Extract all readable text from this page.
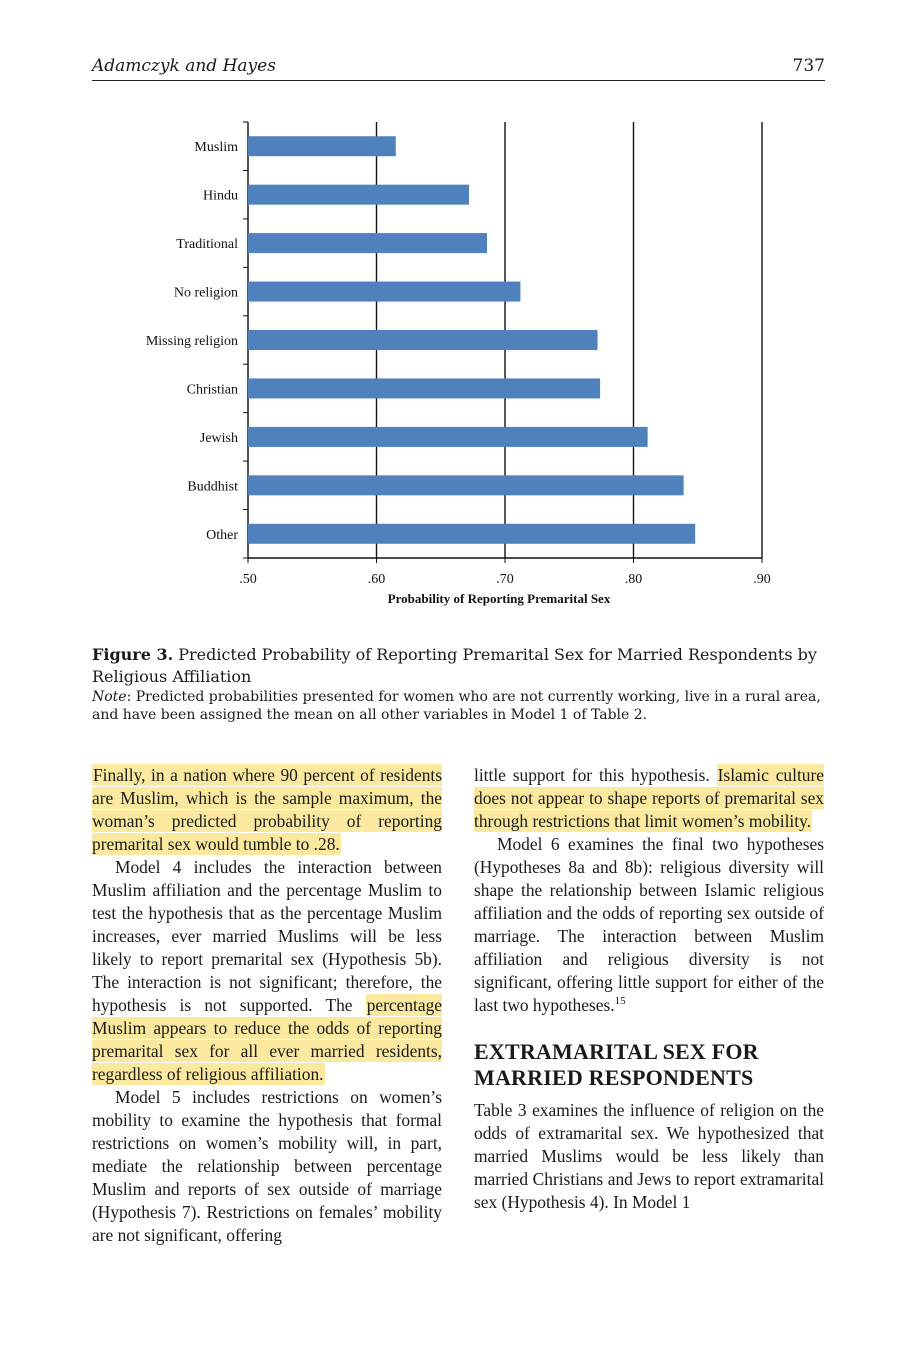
Adamczyk and Hayes	737
.50	.60	.70	.80	.90
Muslim
Hindu
Traditional
No religion
Missing religion
Christian
Jewish
Buddhist
Other
Probability of Reporting Premarital Sex

Figure 3. Predicted Probability of Reporting Premarital Sex for Married Respondents by Religious Affiliation

Note: Predicted probabilities presented for women who are not currently working, live in a rural area, and have been assigned the mean on all other variables in Model 1 of Table 2.

Finally, in a nation where 90 percent of residents are Muslim, which is the sample maximum, the woman’s predicted probability of reporting premarital sex would tumble to .28.

Model 4 includes the interaction between Muslim affiliation and the percentage Muslim to test the hypothesis that as the percentage Muslim increases, ever married Muslims will be less likely to report premarital sex (Hypothesis 5b). The interaction is not significant; therefore, the hypothesis is not supported. The percentage Muslim appears to reduce the odds of reporting premarital sex for all ever married residents, regardless of religious affiliation.

Model 5 includes restrictions on women’s mobility to examine the hypothesis that formal restrictions on women’s mobility will, in part, mediate the relationship between percentage Muslim and reports of sex outside of marriage (Hypothesis 7). Restrictions on females’ mobility are not significant, offering

little support for this hypothesis. Islamic culture does not appear to shape reports of premarital sex through restrictions that limit women’s mobility.

Model 6 examines the final two hypotheses (Hypotheses 8a and 8b): religious diversity will shape the relationship between Islamic religious affiliation and the odds of reporting sex outside of marriage. The interaction between Muslim affiliation and religious diversity is not significant, offering little support for either of the last two hypotheses.$^{15}$

EXTRAMARITAL SEX FOR MARRIED RESPONDENTS

Table 3 examines the influence of religion on the odds of extramarital sex. We hypothesized that married Muslims would be less likely than married Christians and Jews to report extramarital sex (Hypothesis 4). In Model 1
